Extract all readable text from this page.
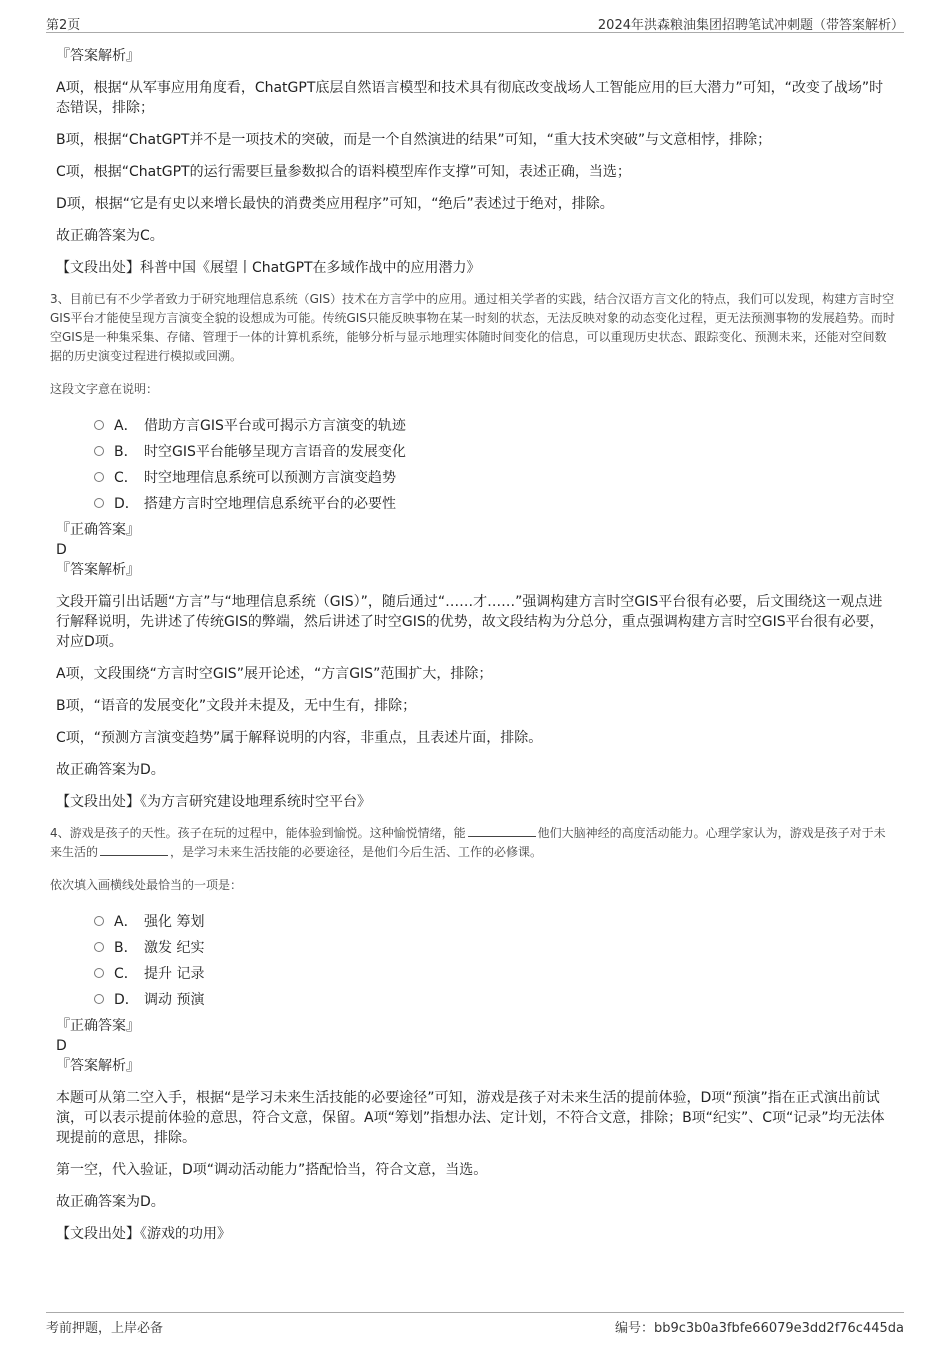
第2页	2024年洪森粮油集团招聘笔试冲刺题（带答案解析）

『答案解析』

A项，根据“从军事应用角度看，ChatGPT底层自然语言模型和技术具有彻底改变战场人工智能应用的巨大潜力”可知，“改变了战场”时态错误，排除；

B项，根据“ChatGPT并不是一项技术的突破，而是一个自然演进的结果”可知，“重大技术突破”与文意相悖，排除；

C项，根据“ChatGPT的运行需要巨量参数拟合的语料模型库作支撑”可知，表述正确，当选；

D项，根据“它是有史以来增长最快的消费类应用程序”可知，“绝后”表述过于绝对，排除。

故正确答案为C。

【文段出处】科普中国《展望丨ChatGPT在多域作战中的应用潜力》

3、目前已有不少学者致力于研究地理信息系统（GIS）技术在方言学中的应用。通过相关学者的实践，结合汉语方言文化的特点，我们可以发现，构建方言时空GIS平台才能使呈现方言演变全貌的设想成为可能。传统GIS只能反映事物在某一时刻的状态，无法反映对象的动态变化过程，更无法预测事物的发展趋势。而时空GIS是一种集采集、存储、管理于一体的计算机系统，能够分析与显示地理实体随时间变化的信息，可以重现历史状态、跟踪变化、预测未来，还能对空间数据的历史演变过程进行模拟或回溯。

这段文字意在说明：

A． 借助方言GIS平台或可揭示方言演变的轨迹
B． 时空GIS平台能够呈现方言语音的发展变化
C． 时空地理信息系统可以预测方言演变趋势
D． 搭建方言时空地理信息系统平台的必要性

『正确答案』

D

『答案解析』

文段开篇引出话题“方言”与“地理信息系统（GIS）”，随后通过“……才……”强调构建方言时空GIS平台很有必要，后文围绕这一观点进行解释说明，先讲述了传统GIS的弊端，然后讲述了时空GIS的优势，故文段结构为分总分，重点强调构建方言时空GIS平台很有必要，对应D项。

A项，文段围绕“方言时空GIS”展开论述，“方言GIS”范围扩大，排除；

B项，“语音的发展变化”文段并未提及，无中生有，排除；

C项，“预测方言演变趋势”属于解释说明的内容，非重点，且表述片面，排除。

故正确答案为D。

【文段出处】《为方言研究建设地理系统时空平台》

4、游戏是孩子的天性。孩子在玩的过程中，能体验到愉悦。这种愉悦情绪，能	他们大脑神经的高度活动能力。心理学家认为，游戏是孩子对于未来生活的	，是学习未来生活技能的必要途径，是他们今后生活、工作的必修课。

依次填入画横线处最恰当的一项是：

A． 强化 筹划
B． 激发 纪实
C． 提升 记录
D． 调动 预演

『正确答案』

D

『答案解析』

本题可从第二空入手，根据“是学习未来生活技能的必要途径”可知，游戏是孩子对未来生活的提前体验，D项“预演”指在正式演出前试演，可以表示提前体验的意思，符合文意，保留。A项“筹划”指想办法、定计划，不符合文意，排除；B项“纪实”、C项“记录”均无法体现提前的意思，排除。

第一空，代入验证，D项“调动活动能力”搭配恰当，符合文意，当选。

故正确答案为D。

【文段出处】《游戏的功用》

考前押题，上岸必备	编号：bb9c3b0a3fbfe66079e3dd2f76c445da
